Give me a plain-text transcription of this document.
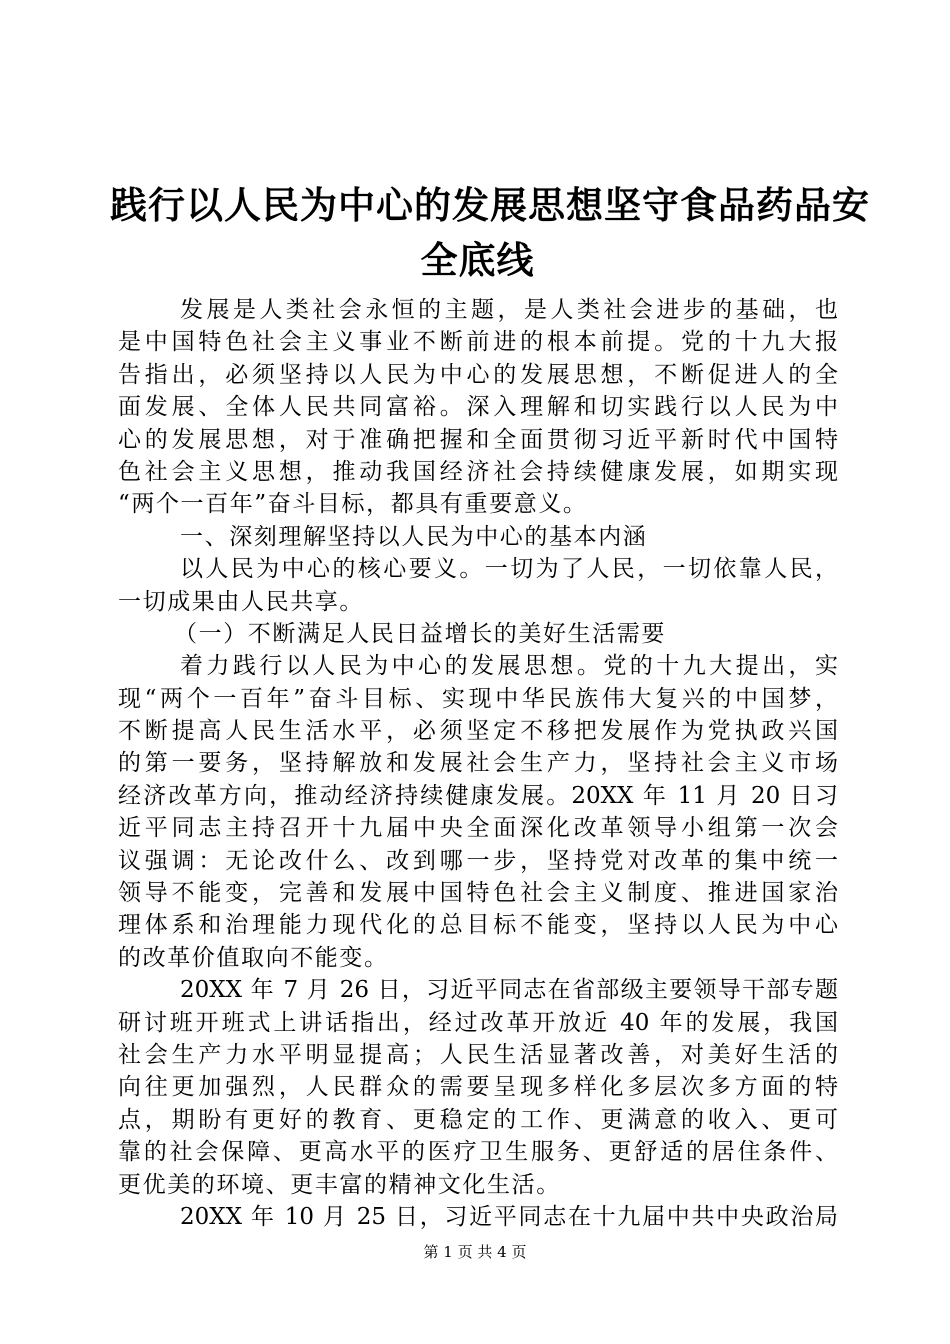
践行以人民为中心的发展思想坚守食品药品安
全底线
发展是人类社会永恒的主题，是人类社会进步的基础，也
是中国特色社会主义事业不断前进的根本前提。党的十九大报
告指出，必须坚持以人民为中心的发展思想，不断促进人的全
面发展、全体人民共同富裕。深入理解和切实践行以人民为中
心的发展思想，对于准确把握和全面贯彻习近平新时代中国特
色社会主义思想，推动我国经济社会持续健康发展，如期实现
“两个一百年”奋斗目标，都具有重要意义。
一、深刻理解坚持以人民为中心的基本内涵
以人民为中心的核心要义。一切为了人民，一切依靠人民，
一切成果由人民共享。
（一）不断满足人民日益增长的美好生活需要
着力践行以人民为中心的发展思想。党的十九大提出，实
现“两个一百年”奋斗目标、实现中华民族伟大复兴的中国梦，
不断提高人民生活水平，必须坚定不移把发展作为党执政兴国
的第一要务，坚持解放和发展社会生产力，坚持社会主义市场
经济改革方向，推动经济持续健康发展。20XX 年 11 月 20 日习
近平同志主持召开十九届中央全面深化改革领导小组第一次会
议强调：无论改什么、改到哪一步，坚持党对改革的集中统一
领导不能变，完善和发展中国特色社会主义制度、推进国家治
理体系和治理能力现代化的总目标不能变，坚持以人民为中心
的改革价值取向不能变。
20XX 年 7 月 26 日，习近平同志在省部级主要领导干部专题
研讨班开班式上讲话指出，经过改革开放近 40 年的发展，我国
社会生产力水平明显提高；人民生活显著改善，对美好生活的
向往更加强烈，人民群众的需要呈现多样化多层次多方面的特
点，期盼有更好的教育、更稳定的工作、更满意的收入、更可
靠的社会保障、更高水平的医疗卫生服务、更舒适的居住条件、
更优美的环境、更丰富的精神文化生活。
20XX 年 10 月 25 日，习近平同志在十九届中共中央政治局
第 1 页 共 4 页
